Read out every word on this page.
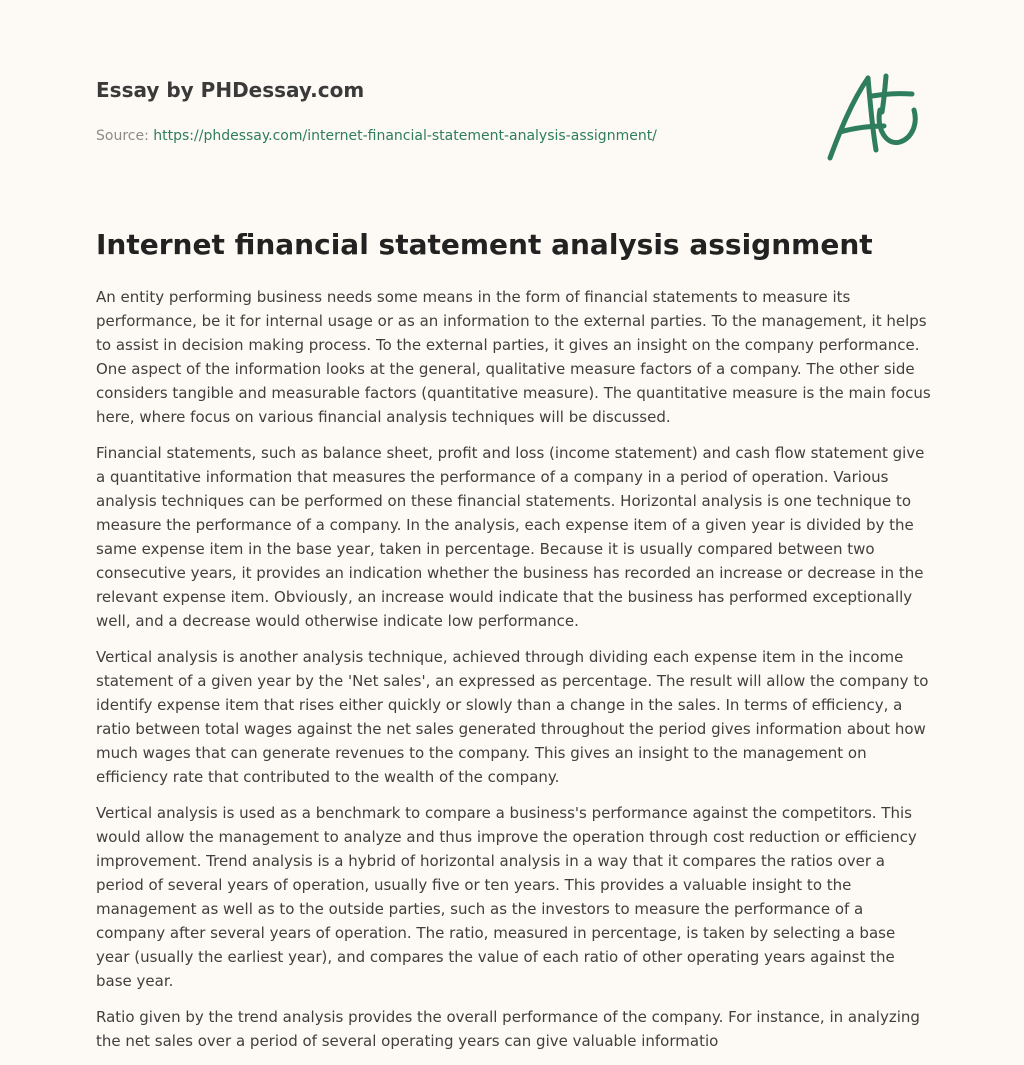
Essay by PHDessay.com
Source: https://phdessay.com/internet-financial-statement-analysis-assignment/
Internet financial statement analysis assignment

An entity performing business needs some means in the form of financial statements to measure its performance, be it for internal usage or as an information to the external parties. To the management, it helps to assist in decision making process. To the external parties, it gives an insight on the company performance. One aspect of the information looks at the general, qualitative measure factors of a company. The other side considers tangible and measurable factors (quantitative measure). The quantitative measure is the main focus here, where focus on various financial analysis techniques will be discussed.

Financial statements, such as balance sheet, profit and loss (income statement) and cash flow statement give a quantitative information that measures the performance of a company in a period of operation. Various analysis techniques can be performed on these financial statements. Horizontal analysis is one technique to measure the performance of a company. In the analysis, each expense item of a given year is divided by the same expense item in the base year, taken in percentage. Because it is usually compared between two consecutive years, it provides an indication whether the business has recorded an increase or decrease in the relevant expense item. Obviously, an increase would indicate that the business has performed exceptionally well, and a decrease would otherwise indicate low performance.

Vertical analysis is another analysis technique, achieved through dividing each expense item in the income statement of a given year by the 'Net sales', an expressed as percentage. The result will allow the company to identify expense item that rises either quickly or slowly than a change in the sales. In terms of efficiency, a ratio between total wages against the net sales generated throughout the period gives information about how much wages that can generate revenues to the company. This gives an insight to the management on efficiency rate that contributed to the wealth of the company.

Vertical analysis is used as a benchmark to compare a business's performance against the competitors. This would allow the management to analyze and thus improve the operation through cost reduction or efficiency improvement. Trend analysis is a hybrid of horizontal analysis in a way that it compares the ratios over a period of several years of operation, usually five or ten years. This provides a valuable insight to the management as well as to the outside parties, such as the investors to measure the performance of a company after several years of operation. The ratio, measured in percentage, is taken by selecting a base year (usually the earliest year), and compares the value of each ratio of other operating years against the base year.

Ratio given by the trend analysis provides the overall performance of the company. For instance, in analyzing the net sales over a period of several operating years can give valuable informatio
